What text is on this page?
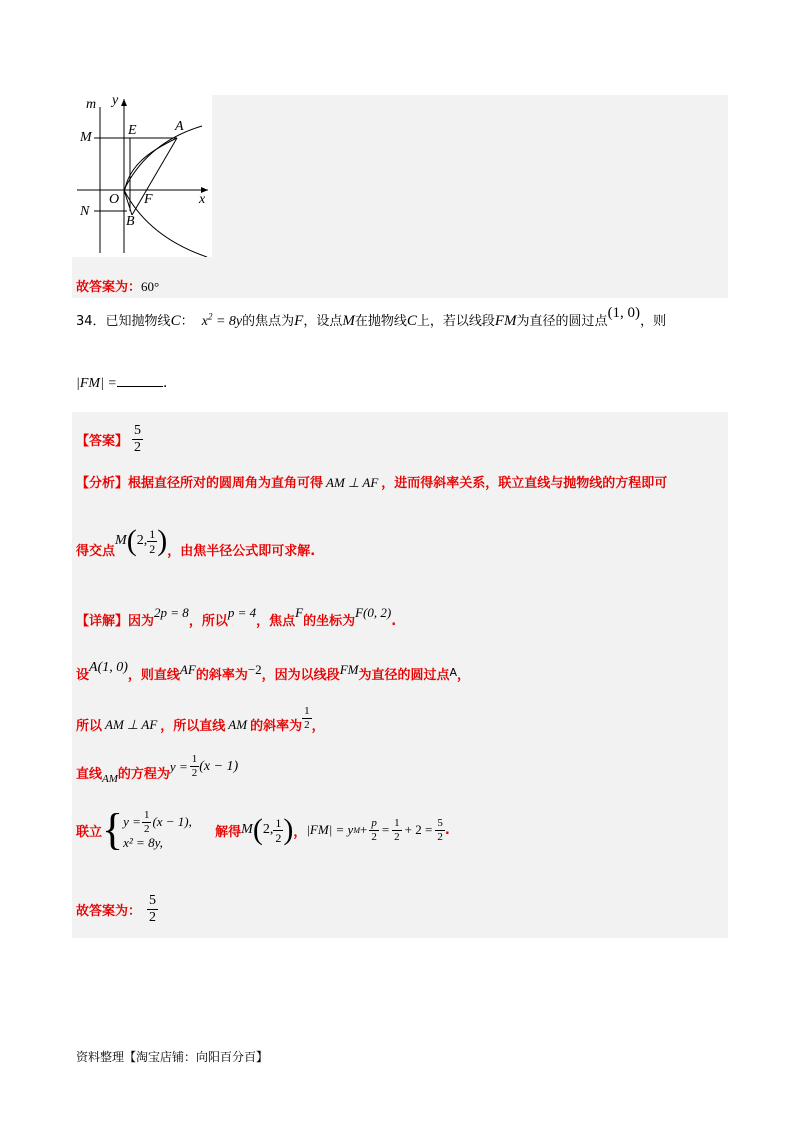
m y
M	E	A
O F	x
N
B
故答案为：60°
34．已知抛物线C： $x^2 = 8y$的焦点为F，设点M在抛物线C上，若以线段FM为直径的圆过点(1, 0)，则
|FM| =	.
【答案】 $\frac{5}{2}$
【分析】根据直径所对的圆周角为直角可得 AM ⊥ AF ，进而得斜率关系，联立直线与抛物线的方程即可
得交点
M ( 2, $\frac{1}{2}$ ) ，由焦半径公式即可求解.
【详解】因为2p = 8，所以p = 4，焦点F的坐标为F(0, 2).
设A(1, 0)，则直线AF的斜率为−2，因为以线段FM为直径的圆过点$^A$，
所以 AM ⊥ AF ，所以直线 AM 的斜率为 $\frac{1}{2}$ ，
直线 AM 的方程为
$y = \frac{1}{2} (x - 1)$
联立 { $y = \frac{1}{2} (x - 1)$,
x² = 8y,
解得 M ( 2, $\frac{1}{2}$ ) ， |FM| = y $M + \frac{p}{2} = \frac{1}{2} + 2 = \frac{5}{2}$ .
故答案为： $\frac{5}{2}$
资料整理【淘宝店铺：向阳百分百】
